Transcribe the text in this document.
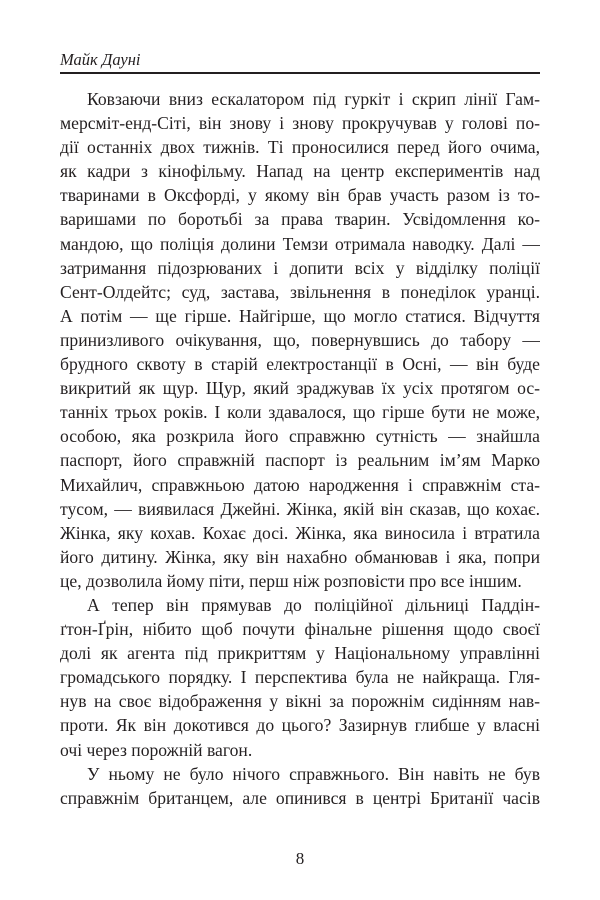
Майк Дауні
Ковзаючи вниз ескалатором під гуркіт і скрип лінії Гам-
мерсміт-енд-Сіті, він знову і знову прокручував у голові по-
дії останніх двох тижнів. Ті проносилися перед його очима,
як кадри з кінофільму. Напад на центр експериментів над
тваринами в Оксфорді, у якому він брав участь разом із то-
варишами по боротьбі за права тварин. Усвідомлення ко-
мандою, що поліція долини Темзи отримала наводку. Далі —
затримання підозрюваних і допити всіх у відділку поліції
Сент-Олдейтс; суд, застава, звільнення в понеділок уранці.
А потім — ще гірше. Найгірше, що могло статися. Відчуття
принизливого очікування, що, повернувшись до табору —
брудного сквоту в старій електростанції в Осні, — він буде
викритий як щур. Щур, який зраджував їх усіх протягом ос-
танніх трьох років. І коли здавалося, що гірше бути не може,
особою, яка розкрила його справжню сутність — знайшла
паспорт, його справжній паспорт із реальним ім’ям Марко
Михайлич, справжньою датою народження і справжнім ста-
тусом, — виявилася Джейні. Жінка, якій він сказав, що кохає.
Жінка, яку кохав. Кохає досі. Жінка, яка виносила і втратила
його дитину. Жінка, яку він нахабно обманював і яка, попри
це, дозволила йому піти, перш ніж розповісти про все іншим.
А тепер він прямував до поліційної дільниці Паддін-
ґтон-Ґрін, нібито щоб почути фінальне рішення щодо своєї
долі як агента під прикриттям у Національному управлінні
громадського порядку. І перспектива була не найкраща. Гля-
нув на своє відображення у вікні за порожнім сидінням нав-
проти. Як він докотився до цього? Зазирнув глибше у власні
очі через порожній вагон.
У ньому не було нічого справжнього. Він навіть не був
справжнім британцем, але опинився в центрі Британії часів
8
